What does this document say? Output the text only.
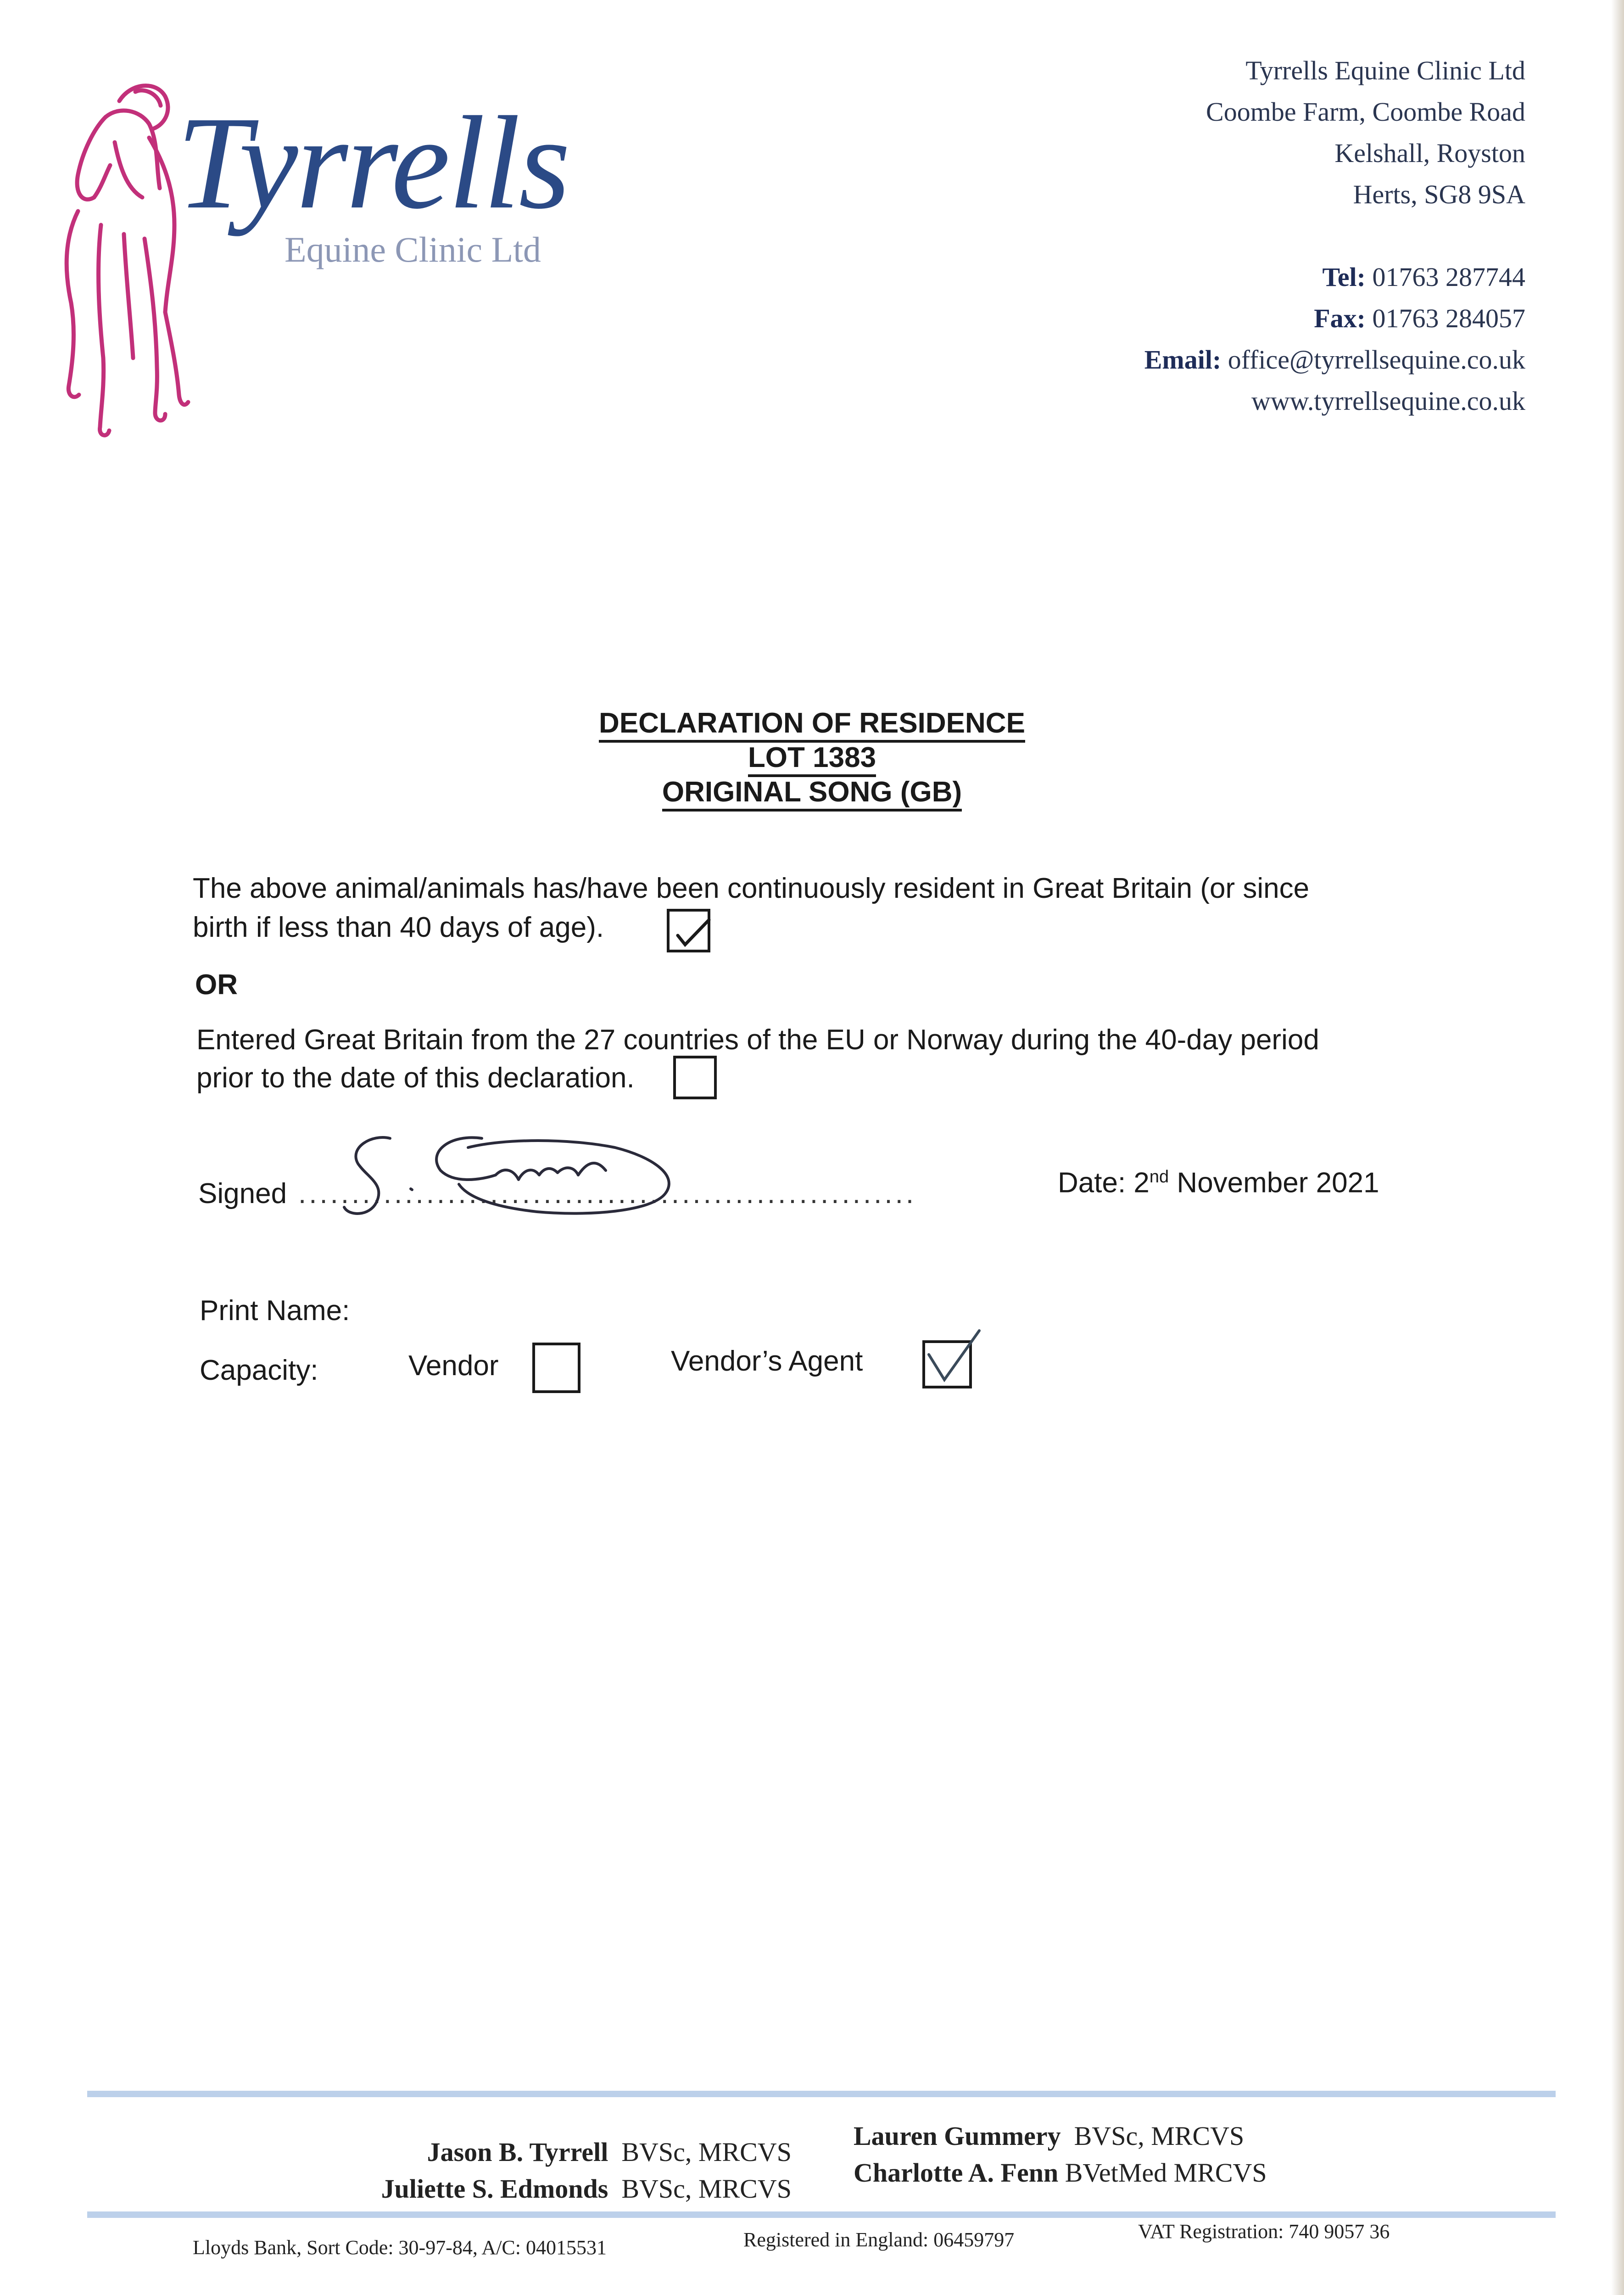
Tyrrells
Equine Clinic Ltd
Tyrrells Equine Clinic Ltd
Coombe Farm, Coombe Road
Kelshall, Royston
Herts, SG8 9SA
Tel: 01763 287744
Fax: 01763 284057
Email: office@tyrrellsequine.co.uk
www.tyrrellsequine.co.uk
DECLARATION OF RESIDENCE
LOT 1383
ORIGINAL SONG (GB)
The above animal/animals has/have been continuously resident in Great Britain (or since
birth if less than 40 days of age).
OR
Entered Great Britain from the 27 countries of the EU or Norway during the 40-day period
prior to the date of this declaration.
Signed ..........................................................	Date: 2nd November 2021
Print Name:
Capacity:	Vendor	Vendor’s Agent
Jason B. Tyrrell BVSc, MRCVS
Lauren Gummery BVSc, MRCVS
Juliette S. Edmonds BVSc, MRCVS
Charlotte A. Fenn BVetMed MRCVS
Lloyds Bank, Sort Code: 30-97-84, A/C: 04015531	Registered in England: 06459797	VAT Registration: 740 9057 36
